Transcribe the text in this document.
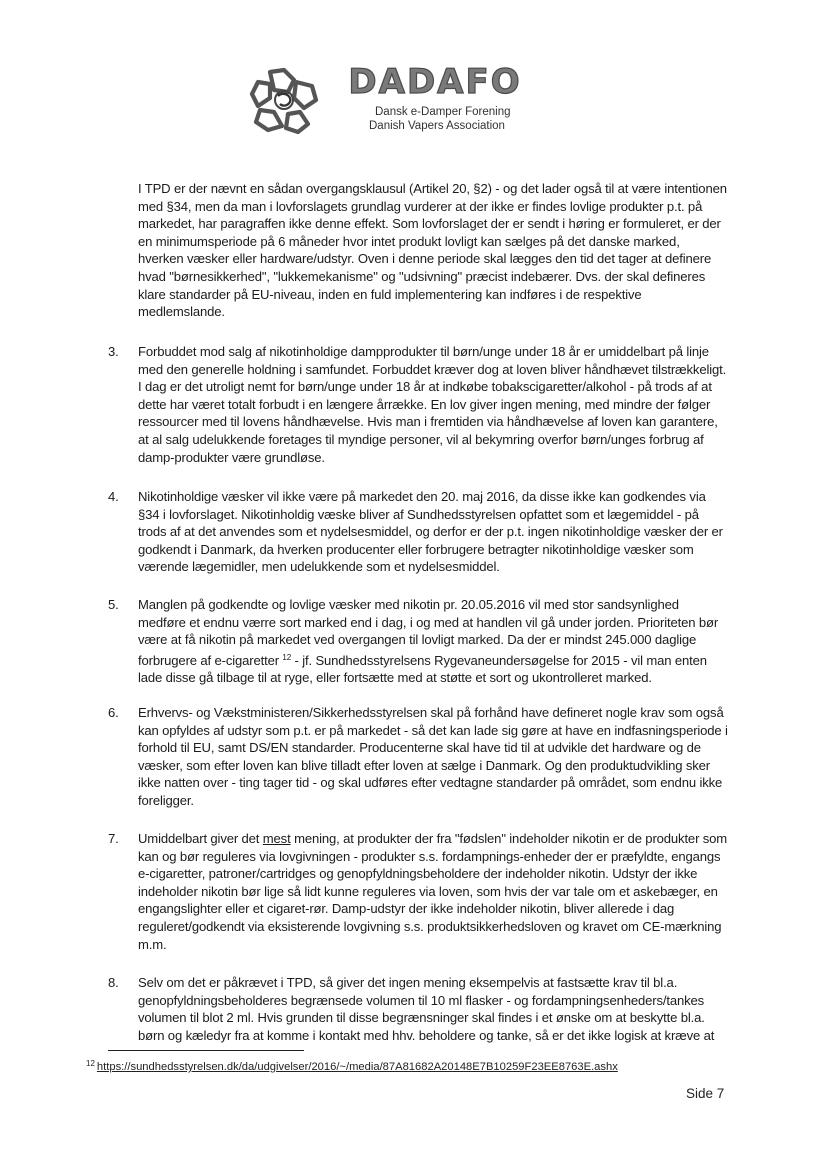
DADAFO
Dansk e-Damper Forening
Danish Vapers Association
I TPD er der nævnt en sådan overgangsklausul (Artikel 20, §2) - og det lader også til at være intentionen med §34, men da man i lovforslagets grundlag vurderer at der ikke er findes lovlige produkter p.t. på markedet, har paragraffen ikke denne effekt. Som lovforslaget der er sendt i høring er formuleret, er der en minimumsperiode på 6 måneder hvor intet produkt lovligt kan sælges på det danske marked, hverken væsker eller hardware/udstyr. Oven i denne periode skal lægges den tid det tager at definere hvad "børnesikkerhed", "lukkemekanisme" og "udsivning" præcist indebærer. Dvs. der skal defineres klare standarder på EU-niveau, inden en fuld implementering kan indføres i de respektive medlemslande.
3.	Forbuddet mod salg af nikotinholdige dampprodukter til børn/unge under 18 år er umiddelbart på linje med den generelle holdning i samfundet. Forbuddet kræver dog at loven bliver håndhævet tilstrækkeligt. I dag er det utroligt nemt for børn/unge under 18 år at indkøbe tobakscigaretter/alkohol - på trods af at dette har været totalt forbudt i en længere årrække. En lov giver ingen mening, med mindre der følger ressourcer med til lovens håndhævelse. Hvis man i fremtiden via håndhævelse af loven kan garantere, at al salg udelukkende foretages til myndige personer, vil al bekymring overfor børn/unges forbrug af damp-produkter være grundløse.
4.	Nikotinholdige væsker vil ikke være på markedet den 20. maj 2016, da disse ikke kan godkendes via §34 i lovforslaget. Nikotinholdig væske bliver af Sundhedsstyrelsen opfattet som et lægemiddel - på trods af at det anvendes som et nydelsesmiddel, og derfor er der p.t. ingen nikotinholdige væsker der er godkendt i Danmark, da hverken producenter eller forbrugere betragter nikotinholdige væsker som værende lægemidler, men udelukkende som et nydelsesmiddel.
5.	Manglen på godkendte og lovlige væsker med nikotin pr. 20.05.2016 vil med stor sandsynlighed medføre et endnu værre sort marked end i dag, i og med at handlen vil gå under jorden. Prioriteten bør være at få nikotin på markedet ved overgangen til lovligt marked. Da der er mindst 245.000 daglige forbrugere af e-cigaretter $^{12}$ - jf. Sundhedsstyrelsens Rygevaneundersøgelse for 2015 - vil man enten lade disse gå tilbage til at ryge, eller fortsætte med at støtte et sort og ukontrolleret marked.
6.	Erhvervs- og Vækstministeren/Sikkerhedsstyrelsen skal på forhånd have defineret nogle krav som også kan opfyldes af udstyr som p.t. er på markedet - så det kan lade sig gøre at have en indfasningsperiode i forhold til EU, samt DS/EN standarder. Producenterne skal have tid til at udvikle det hardware og de væsker, som efter loven kan blive tilladt efter loven at sælge i Danmark. Og den produktudvikling sker ikke natten over - ting tager tid - og skal udføres efter vedtagne standarder på området, som endnu ikke foreligger.
7.	Umiddelbart giver det mest mening, at produkter der fra "fødslen" indeholder nikotin er de produkter som kan og bør reguleres via lovgivningen - produkter s.s. fordampnings-enheder der er præfyldte, engangs e-cigaretter, patroner/cartridges og genopfyldningsbeholdere der indeholder nikotin. Udstyr der ikke indeholder nikotin bør lige så lidt kunne reguleres via loven, som hvis der var tale om et askebæger, en engangslighter eller et cigaret-rør. Damp-udstyr der ikke indeholder nikotin, bliver allerede i dag reguleret/godkendt via eksisterende lovgivning s.s. produktsikkerhedsloven og kravet om CE-mærkning m.m.
8.	Selv om det er påkrævet i TPD, så giver det ingen mening eksempelvis at fastsætte krav til bl.a. genopfyldningsbeholderes begrænsede volumen til 10 ml flasker - og fordampningsenheders/tankes volumen til blot 2 ml. Hvis grunden til disse begrænsninger skal findes i et ønske om at beskytte bl.a. børn og kæledyr fra at komme i kontakt med hhv. beholdere og tanke, så er det ikke logisk at kræve at
$^{12}$ https://sundhedsstyrelsen.dk/da/udgivelser/2016/~/media/87A81682A20148E7B10259F23EE8763E.ashx
Side 7
